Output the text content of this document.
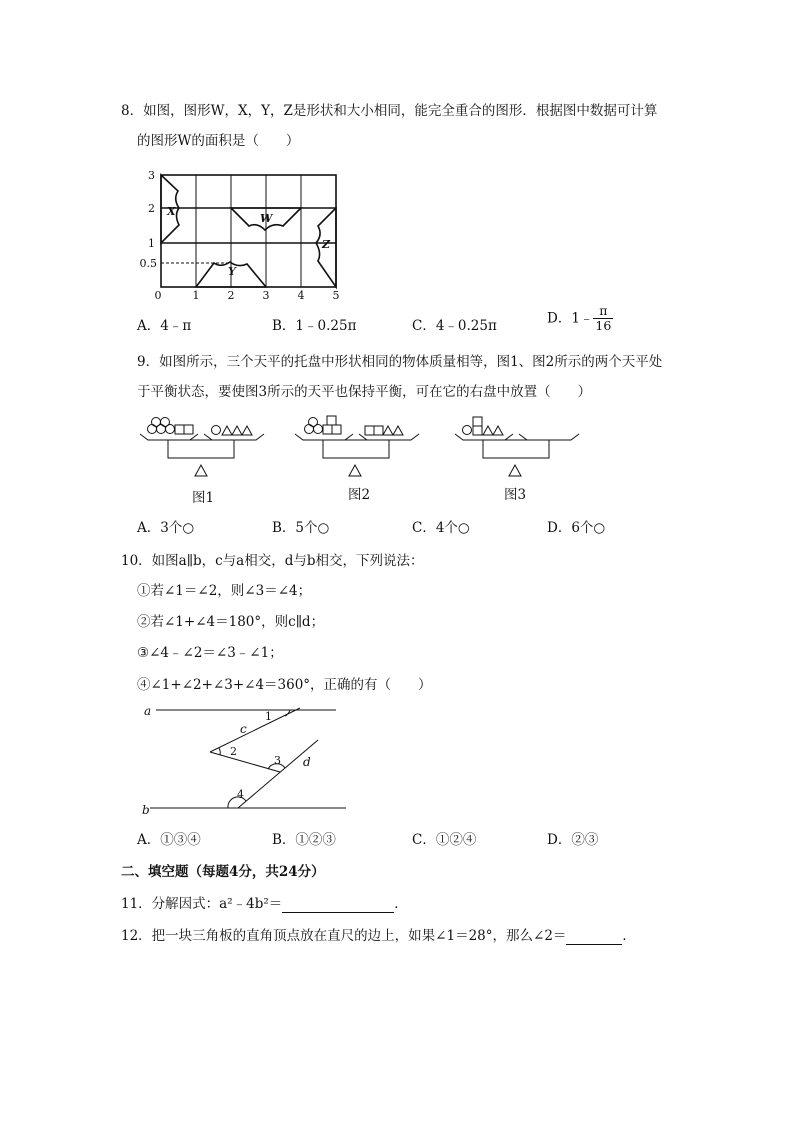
8．如图，图形W，X，Y，Z是形状和大小相同，能完全重合的图形．根据图中数据可计算
的图形W的面积是（　　）
0	1	2	3	4	5
3
2
1
0.5
X
W
Z
Y
A．4﹣π	B．1﹣0.25π	C．4﹣0.25π	D．1﹣ $\frac{\pi}{16}$
9．如图所示，三个天平的托盘中形状相同的物体质量相等，图1、图2所示的两个天平处
于平衡状态，要使图3所示的天平也保持平衡，可在它的右盘中放置（　　）
图1	图2	图3
A．3个○	B．5个○	C．4个○	D．6个○
10．如图a∥b，c与a相交，d与b相交，下列说法：
①若∠1＝∠2，则∠3＝∠4；
②若∠1+∠4＝180°，则c∥d；
③∠4﹣∠2＝∠3﹣∠1；
④∠1+∠2+∠3+∠4＝360°，正确的有（　　）
a
b
c
d
1
2
3
4
A．①③④	B．①②③	C．①②④	D．②③
二、填空题（每题4分，共24分）
11．分解因式：a²﹣4b²＝	．
12．把一块三角板的直角顶点放在直尺的边上，如果∠1＝28°，那么∠2＝	．
